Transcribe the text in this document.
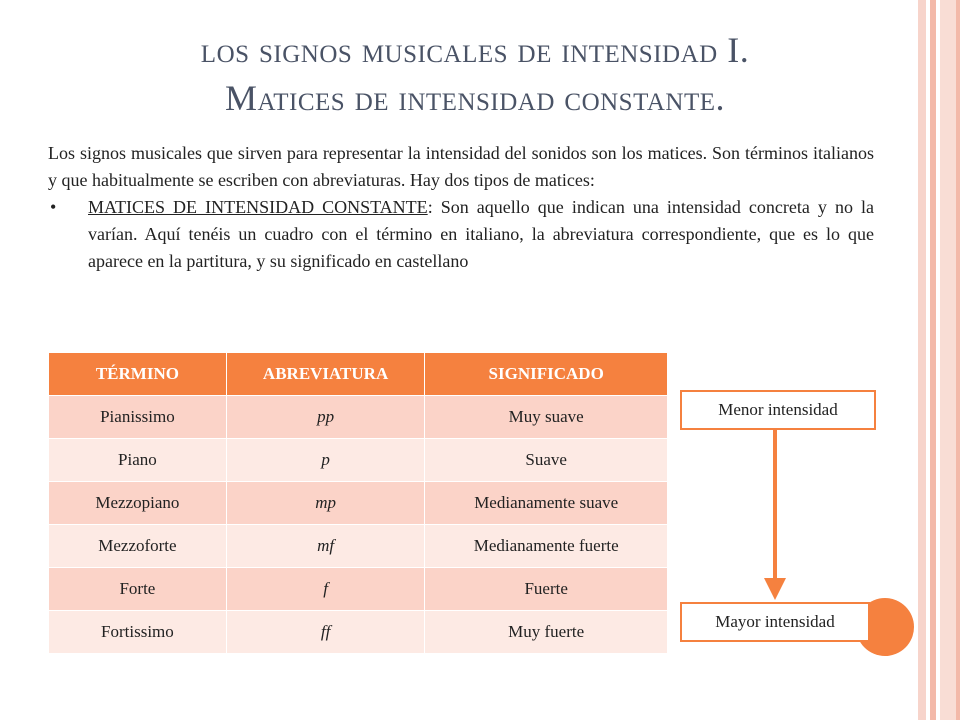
los signos musicales de intensidad I.
Matices de intensidad constante.
Los signos musicales que sirven para representar la intensidad del sonidos son los matices. Son términos italianos y que habitualmente se escriben con abreviaturas. Hay dos tipos de matices:
• MATICES DE INTENSIDAD CONSTANTE: Son aquello que indican una intensidad concreta y no la varían. Aquí tenéis un cuadro con el término en italiano, la abreviatura correspondiente, que es lo que aparece en la partitura, y su significado en castellano
TÉRMINO	ABREVIATURA	SIGNIFICADO
Pianissimo	pp	Muy suave
Piano	p	Suave
Mezzopiano	mp	Medianamente suave
Mezzoforte	mf	Medianamente fuerte
Forte	f	Fuerte
Fortissimo	ff	Muy fuerte
Menor intensidad
Mayor intensidad
